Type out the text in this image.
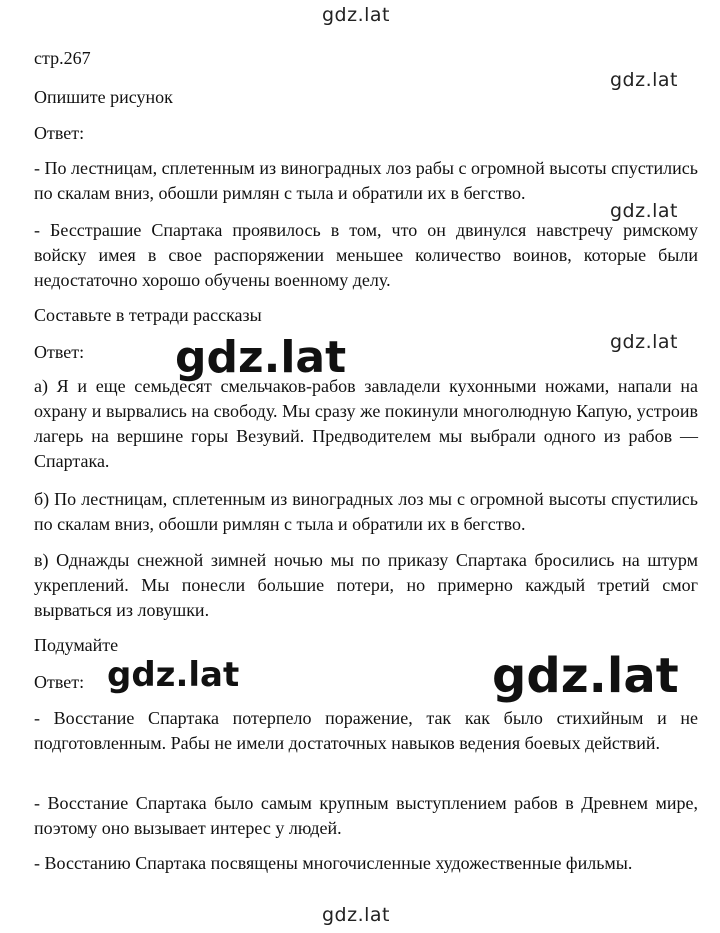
gdz.lat
gdz.lat
gdz.lat
gdz.lat
gdz.lat
gdz.lat	gdz.lat
gdz.lat
стр.267
Опишите рисунок
Ответ:
- По лестницам, сплетенным из виноградных лоз рабы с огромной высоты спустились по скалам вниз, обошли римлян с тыла и обратили их в бегство.
- Бесстрашие Спартака проявилось в том, что он двинулся навстречу римскому войску имея в свое распоряжении меньшее количество воинов, которые были недостаточно хорошо обучены военному делу.
Составьте в тетради рассказы
Ответ:
а) Я и еще семьдесят смельчаков-рабов завладели кухонными ножами, напали на охрану и вырвались на свободу. Мы сразу же покинули многолюдную Капую, устроив лагерь на вершине горы Везувий. Предводителем мы выбрали одного из рабов — Спартака.
б) По лестницам, сплетенным из виноградных лоз мы с огромной высоты спустились по скалам вниз, обошли римлян с тыла и обратили их в бегство.
в) Однажды снежной зимней ночью мы по приказу Спартака бросились на штурм укреплений. Мы понесли большие потери, но примерно каждый третий смог вырваться из ловушки.
Подумайте
Ответ:
- Восстание Спартака потерпело поражение, так как было стихийным и не подготовленным. Рабы не имели достаточных навыков ведения боевых действий.
- Восстание Спартака было самым крупным выступлением рабов в Древнем мире, поэтому оно вызывает интерес у людей.
- Восстанию Спартака посвящены многочисленные художественные фильмы.
